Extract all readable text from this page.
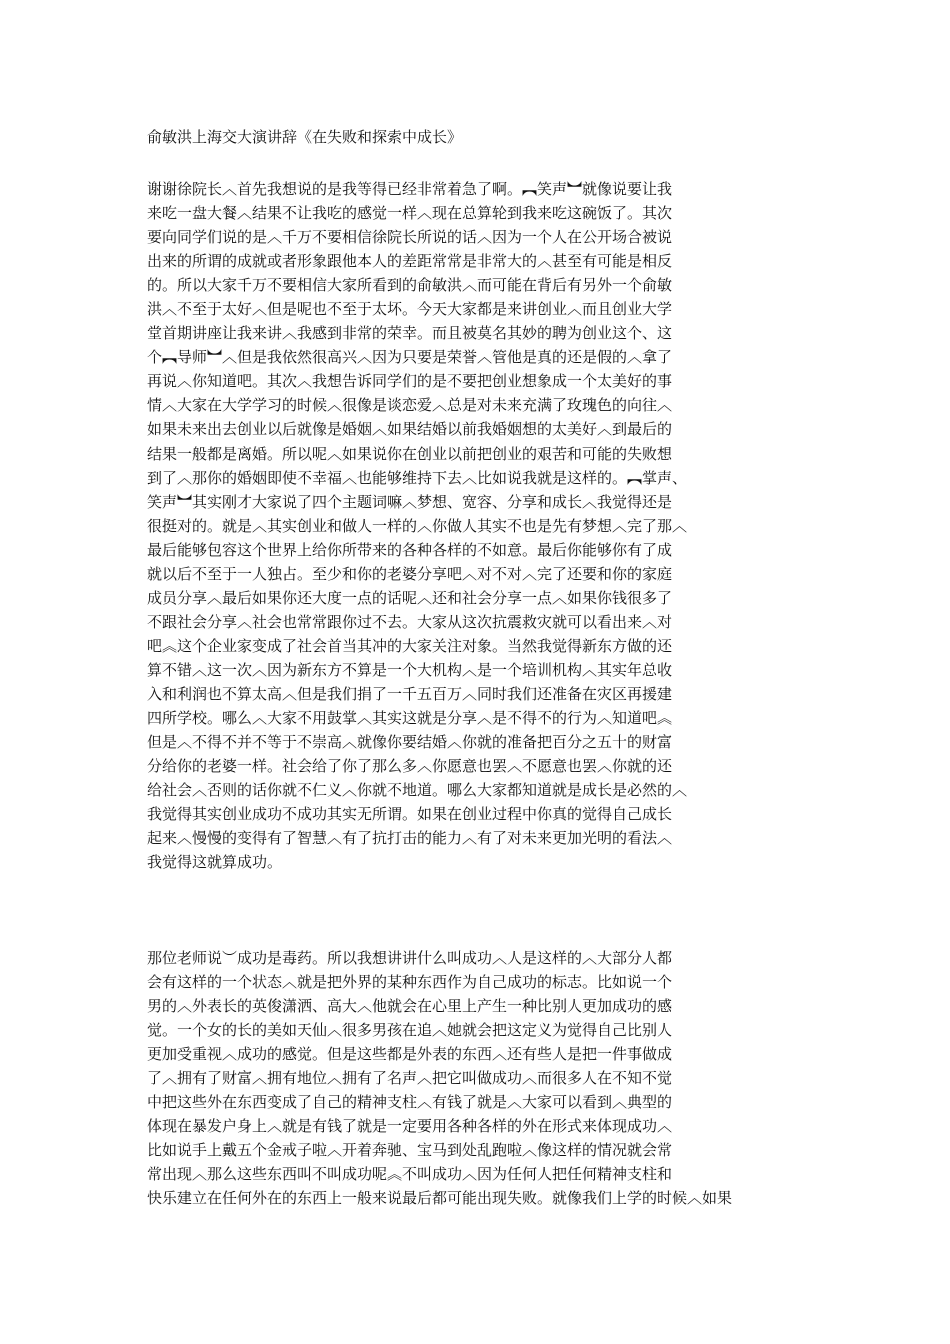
俞敏洪上海交大演讲辞《在失败和探索中成长》
谢谢徐院长︿首先我想说的是我等得已经非常着急了啊。︻笑声︼就像说要让我
来吃一盘大餐︿结果不让我吃的感觉一样︿现在总算轮到我来吃这碗饭了。其次
要向同学们说的是︿千万不要相信徐院长所说的话︿因为一个人在公开场合被说
出来的所谓的成就或者形象跟他本人的差距常常是非常大的︿甚至有可能是相反
的。所以大家千万不要相信大家所看到的俞敏洪︿而可能在背后有另外一个俞敏
洪︿不至于太好︿但是呢也不至于太坏。今天大家都是来讲创业︿而且创业大学
堂首期讲座让我来讲︿我感到非常的荣幸。而且被莫名其妙的聘为创业这个、这
个︻导师︼︿但是我依然很高兴︿因为只要是荣誉︿管他是真的还是假的︿拿了
再说︿你知道吧。其次︿我想告诉同学们的是不要把创业想象成一个太美好的事
情︿大家在大学学习的时候︿很像是谈恋爱︿总是对未来充满了玫瑰色的向往︿
如果未来出去创业以后就像是婚姻︿如果结婚以前我婚姻想的太美好︿到最后的
结果一般都是离婚。所以呢︿如果说你在创业以前把创业的艰苦和可能的失败想
到了︿那你的婚姻即使不幸福︿也能够维持下去︿比如说我就是这样的。︻掌声、
笑声︼其实刚才大家说了四个主题词嘛︿梦想、宽容、分享和成长︿我觉得还是
很挺对的。就是︿其实创业和做人一样的︿你做人其实不也是先有梦想︿完了那︿
最后能够包容这个世界上给你所带来的各种各样的不如意。最后你能够你有了成
就以后不至于一人独占。至少和你的老婆分享吧︿对不对︿完了还要和你的家庭
成员分享︿最后如果你还大度一点的话呢︿还和社会分享一点︿如果你钱很多了
不跟社会分享︿社会也常常跟你过不去。大家从这次抗震救灾就可以看出来︿对
吧︽这个企业家变成了社会首当其冲的大家关注对象。当然我觉得新东方做的还
算不错︿这一次︿因为新东方不算是一个大机构︿是一个培训机构︿其实年总收
入和利润也不算太高︿但是我们捐了一千五百万︿同时我们还准备在灾区再援建
四所学校。哪么︿大家不用鼓掌︿其实这就是分享︿是不得不的行为︿知道吧︽
但是︿不得不并不等于不崇高︿就像你要结婚︿你就的准备把百分之五十的财富
分给你的老婆一样。社会给了你了那么多︿你愿意也罢︿不愿意也罢︿你就的还
给社会︿否则的话你就不仁义︿你就不地道。哪么大家都知道就是成长是必然的︿
我觉得其实创业成功不成功其实无所谓。如果在创业过程中你真的觉得自己成长
起来︿慢慢的变得有了智慧︿有了抗打击的能力︿有了对未来更加光明的看法︿
我觉得这就算成功。
那位老师说︶成功是毒药。所以我想讲讲什么叫成功︿人是这样的︿大部分人都
会有这样的一个状态︿就是把外界的某种东西作为自己成功的标志。比如说一个
男的︿外表长的英俊潇洒、高大︿他就会在心里上产生一种比别人更加成功的感
觉。一个女的长的美如天仙︿很多男孩在追︿她就会把这定义为觉得自己比别人
更加受重视︿成功的感觉。但是这些都是外表的东西︿还有些人是把一件事做成
了︿拥有了财富︿拥有地位︿拥有了名声︿把它叫做成功︿而很多人在不知不觉
中把这些外在东西变成了自己的精神支柱︿有钱了就是︿大家可以看到︿典型的
体现在暴发户身上︿就是有钱了就是一定要用各种各样的外在形式来体现成功︿
比如说手上戴五个金戒子啦︿开着奔驰、宝马到处乱跑啦︿像这样的情况就会常
常出现︿那么这些东西叫不叫成功呢︽不叫成功︿因为任何人把任何精神支柱和
快乐建立在任何外在的东西上一般来说最后都可能出现失败。就像我们上学的时候︿如果
